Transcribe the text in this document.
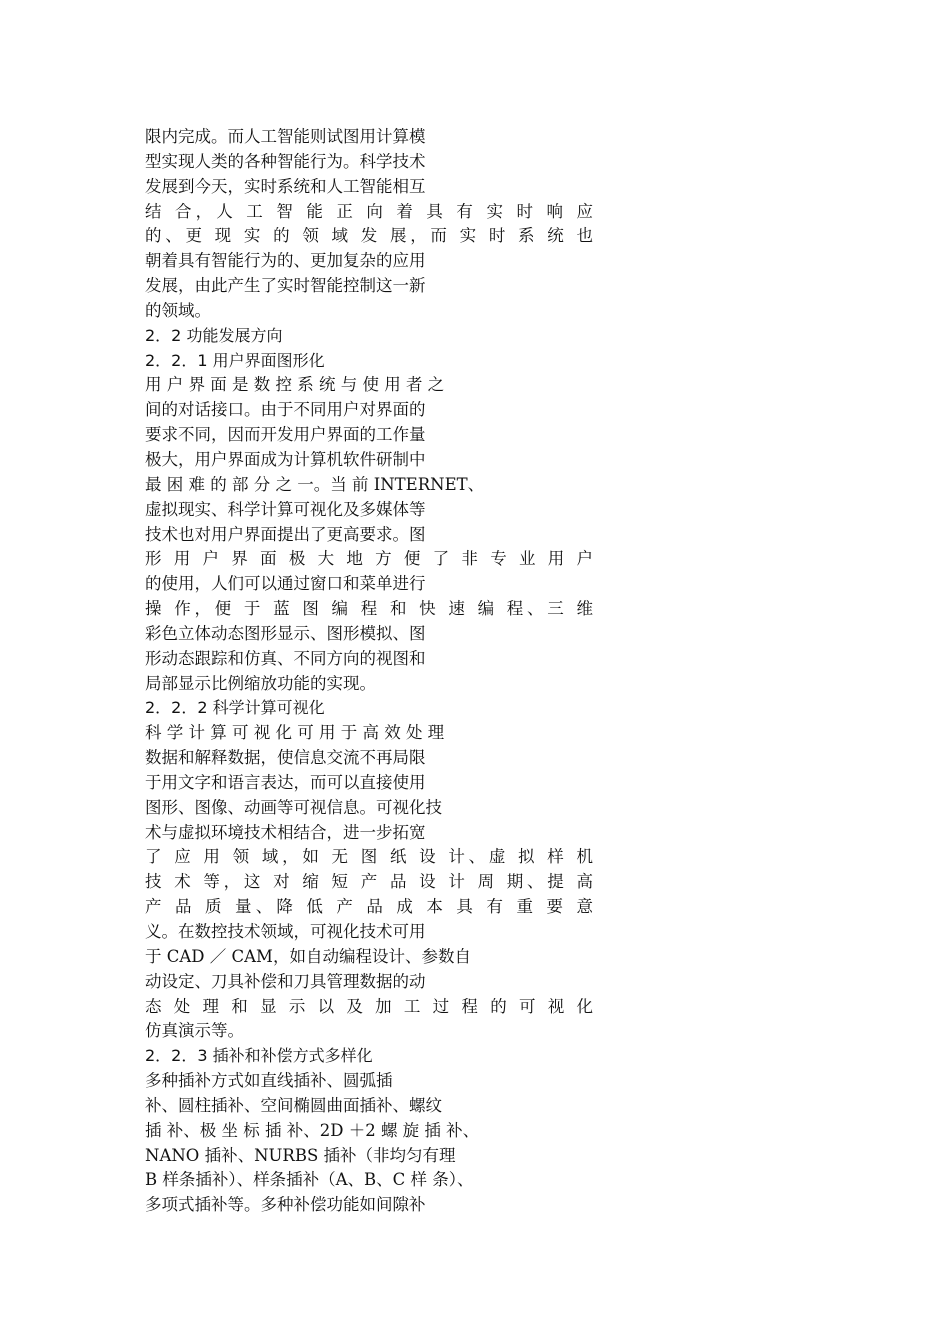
限内完成。而人工智能则试图用计算模
型实现人类的各种智能行为。科学技术
发展到今天，实时系统和人工智能相互
结 合，人 工 智 能 正 向 着 具 有 实 时 响 应
的、更 现 实 的 领 域 发 展，而 实 时 系 统 也
朝着具有智能行为的、更加复杂的应用
发展，由此产生了实时智能控制这一新
的领域。
2．2 功能发展方向
2．2．1 用户界面图形化
用 户 界 面 是 数 控 系 统 与 使 用 者 之
间的对话接口。由于不同用户对界面的
要求不同，因而开发用户界面的工作量
极大，用户界面成为计算机软件研制中
最 困 难 的 部 分 之 一。当 前 INTERNET、
虚拟现实、科学计算可视化及多媒体等
技术也对用户界面提出了更高要求。图
形 用 户 界 面 极 大 地 方 便 了 非 专 业 用 户
的使用，人们可以通过窗口和菜单进行
操 作，便 于 蓝 图 编 程 和 快 速 编 程、三 维
彩色立体动态图形显示、图形模拟、图
形动态跟踪和仿真、不同方向的视图和
局部显示比例缩放功能的实现。
2．2．2 科学计算可视化
科 学 计 算 可 视 化 可 用 于 高 效 处 理
数据和解释数据，使信息交流不再局限
于用文字和语言表达，而可以直接使用
图形、图像、动画等可视信息。可视化技
术与虚拟环境技术相结合，进一步拓宽
了 应 用 领 域，如 无 图 纸 设 计、虚 拟 样 机
技 术 等，这 对 缩 短 产 品 设 计 周 期、提 高
产 品 质 量、降 低 产 品 成 本 具 有 重 要 意
义。在数控技术领域，可视化技术可用
于 CAD ／ CAM，如自动编程设计、参数自
动设定、刀具补偿和刀具管理数据的动
态 处 理 和 显 示 以 及 加 工 过 程 的 可 视 化
仿真演示等。
2．2．3 插补和补偿方式多样化
多种插补方式如直线插补、圆弧插
补、圆柱插补、空间椭圆曲面插补、螺纹
插 补、极 坐 标 插 补、2D ＋2 螺 旋 插 补、
NANO 插补、NURBS 插补（非均匀有理
B 样条插补）、样条插补（A、B、C 样 条）、
多项式插补等。多种补偿功能如间隙补
